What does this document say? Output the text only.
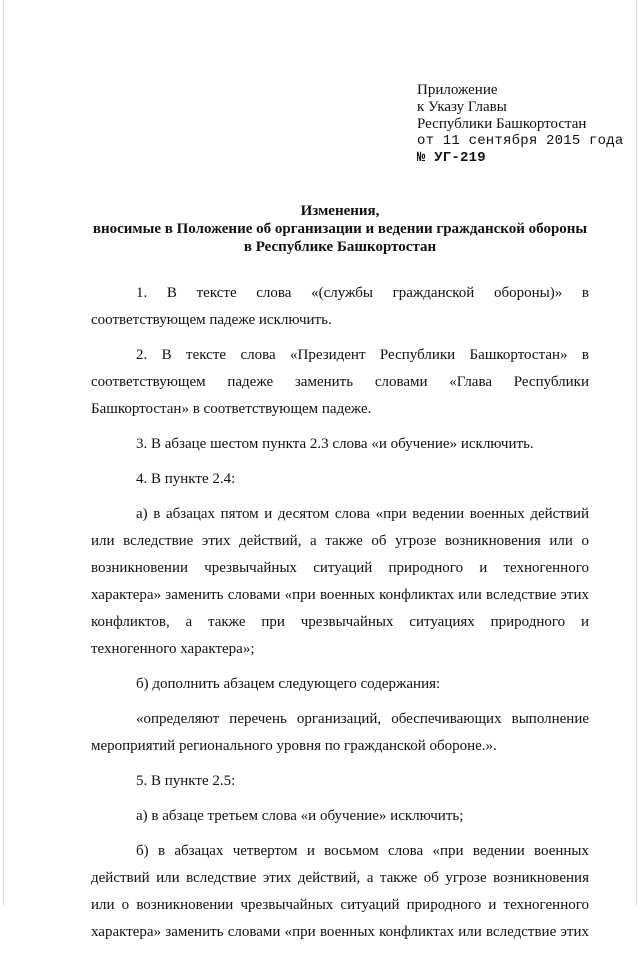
Приложение
к Указу Главы
Республики Башкортостан
от 11 сентября 2015 года
№ УГ-219
Изменения,
вносимые в Положение об организации и ведении гражданской обороны
в Республике Башкортостан

1. В тексте слова «(службы гражданской обороны)» в соответствующем падеже исключить.

2. В тексте слова «Президент Республики Башкортостан» в соответствующем падеже заменить словами «Глава Республики Башкортостан» в соответствующем падеже.

3. В абзаце шестом пункта 2.3 слова «и обучение» исключить.

4. В пункте 2.4:

а) в абзацах пятом и десятом слова «при ведении военных действий или вследствие этих действий, а также об угрозе возникновения или о возникновении чрезвычайных ситуаций природного и техногенного характера» заменить словами «при военных конфликтах или вследствие этих конфликтов, а также при чрезвычайных ситуациях природного и техногенного характера»;

б) дополнить абзацем следующего содержания:

«определяют перечень организаций, обеспечивающих выполнение мероприятий регионального уровня по гражданской обороне.».

5. В пункте 2.5:

а) в абзаце третьем слова «и обучение» исключить;

б) в абзацах четвертом и восьмом слова «при ведении военных действий или вследствие этих действий, а также об угрозе возникновения или о возникновении чрезвычайных ситуаций природного и техногенного характера» заменить словами «при военных конфликтах или вследствие этих
